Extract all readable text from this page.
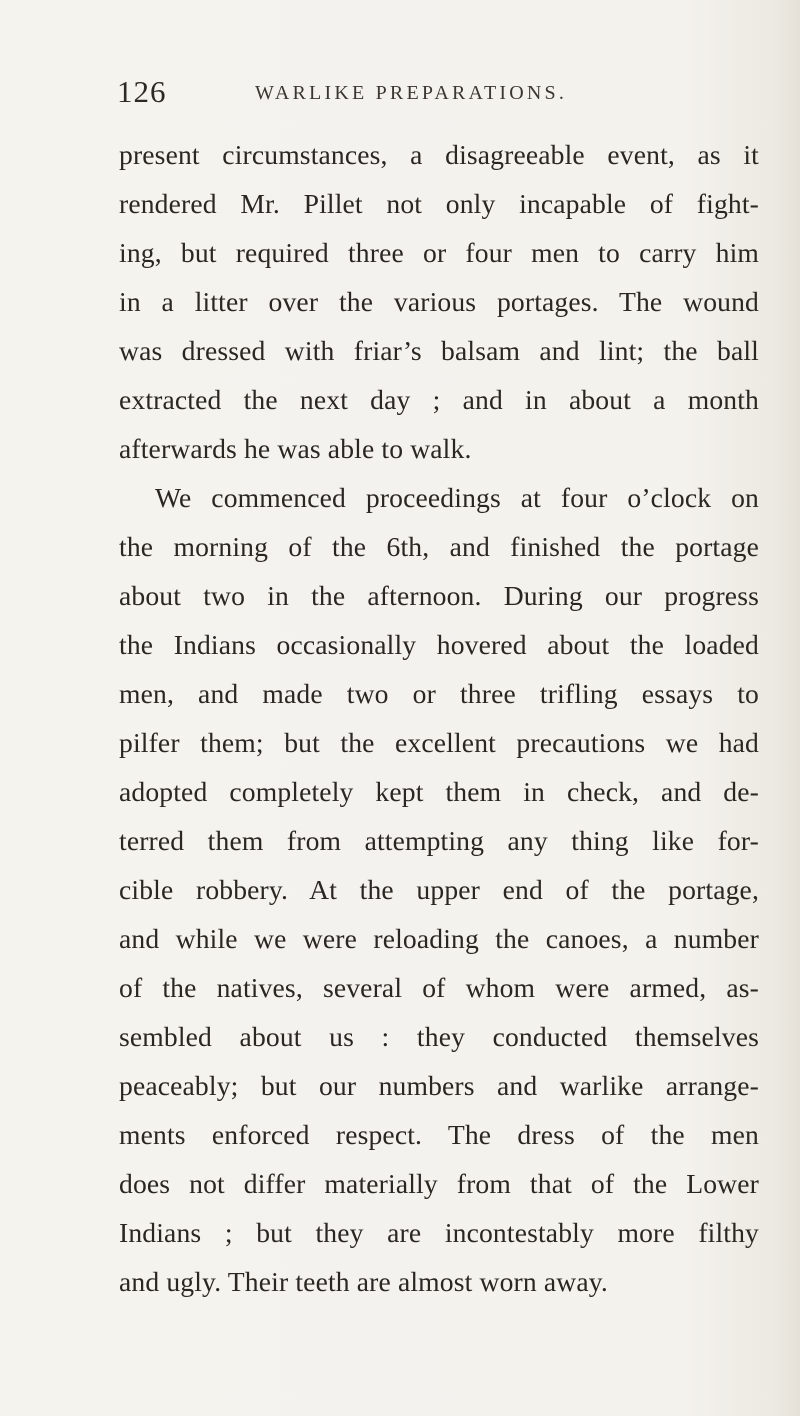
126	WARLIKE PREPARATIONS.
present circumstances, a disagreeable event, as it
rendered Mr. Pillet not only incapable of fight-
ing, but required three or four men to carry him
in a litter over the various portages. The wound
was dressed with friar’s balsam and lint; the ball
extracted the next day ; and in about a month
afterwards he was able to walk.
We commenced proceedings at four o’clock on
the morning of the 6th, and finished the portage
about two in the afternoon. During our progress
the Indians occasionally hovered about the loaded
men, and made two or three trifling essays to
pilfer them; but the excellent precautions we had
adopted completely kept them in check, and de-
terred them from attempting any thing like for-
cible robbery. At the upper end of the portage,
and while we were reloading the canoes, a number
of the natives, several of whom were armed, as-
sembled about us : they conducted themselves
peaceably; but our numbers and warlike arrange-
ments enforced respect. The dress of the men
does not differ materially from that of the Lower
Indians ; but they are incontestably more filthy
and ugly. Their teeth are almost worn away.
